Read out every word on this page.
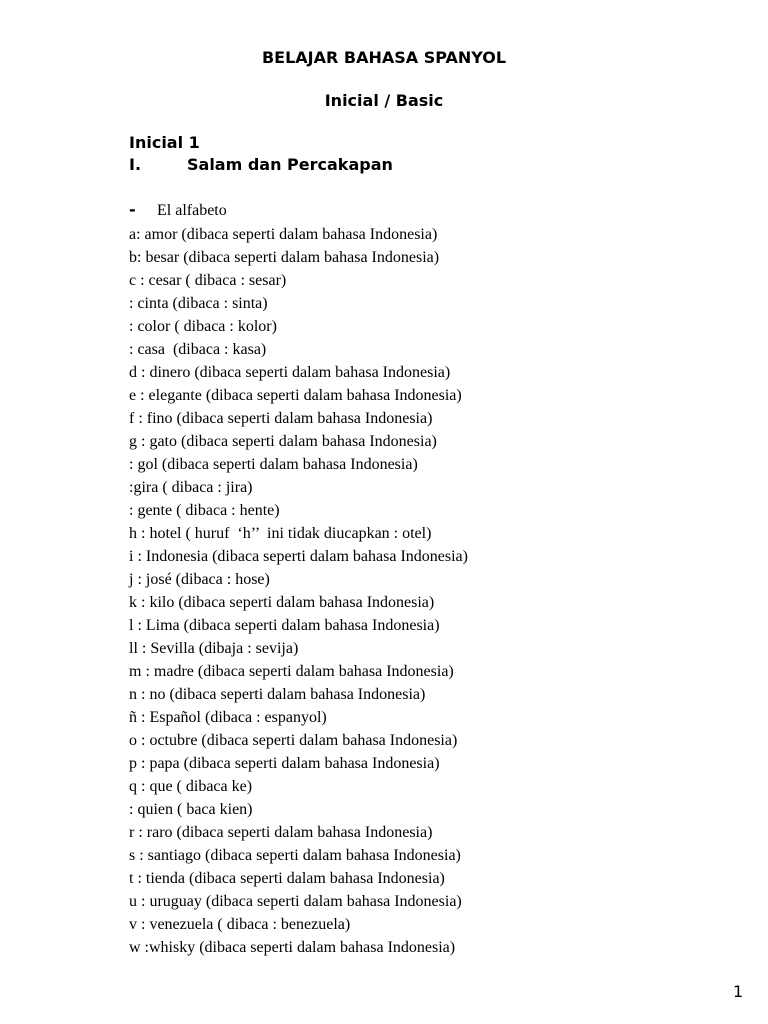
BELAJAR BAHASA SPANYOL
Inicial / Basic
Inicial 1
I.	Salam dan Percakapan
- El alfabeto
a: amor (dibaca seperti dalam bahasa Indonesia)
b: besar (dibaca seperti dalam bahasa Indonesia)
c : cesar ( dibaca : sesar)
: cinta (dibaca : sinta)
: color ( dibaca : kolor)
: casa  (dibaca : kasa)
d : dinero (dibaca seperti dalam bahasa Indonesia)
e : elegante (dibaca seperti dalam bahasa Indonesia)
f : fino (dibaca seperti dalam bahasa Indonesia)
g : gato (dibaca seperti dalam bahasa Indonesia)
: gol (dibaca seperti dalam bahasa Indonesia)
:gira ( dibaca : jira)
: gente ( dibaca : hente)
h : hotel ( huruf  ‘h’’  ini tidak diucapkan : otel)
i : Indonesia (dibaca seperti dalam bahasa Indonesia)
j : josé (dibaca : hose)
k : kilo (dibaca seperti dalam bahasa Indonesia)
l : Lima (dibaca seperti dalam bahasa Indonesia)
ll : Sevilla (dibaja : sevija)
m : madre (dibaca seperti dalam bahasa Indonesia)
n : no (dibaca seperti dalam bahasa Indonesia)
ñ : Español (dibaca : espanyol)
o : octubre (dibaca seperti dalam bahasa Indonesia)
p : papa (dibaca seperti dalam bahasa Indonesia)
q : que ( dibaca ke)
: quien ( baca kien)
r : raro (dibaca seperti dalam bahasa Indonesia)
s : santiago (dibaca seperti dalam bahasa Indonesia)
t : tienda (dibaca seperti dalam bahasa Indonesia)
u : uruguay (dibaca seperti dalam bahasa Indonesia)
v : venezuela ( dibaca : benezuela)
w :whisky (dibaca seperti dalam bahasa Indonesia)
1
